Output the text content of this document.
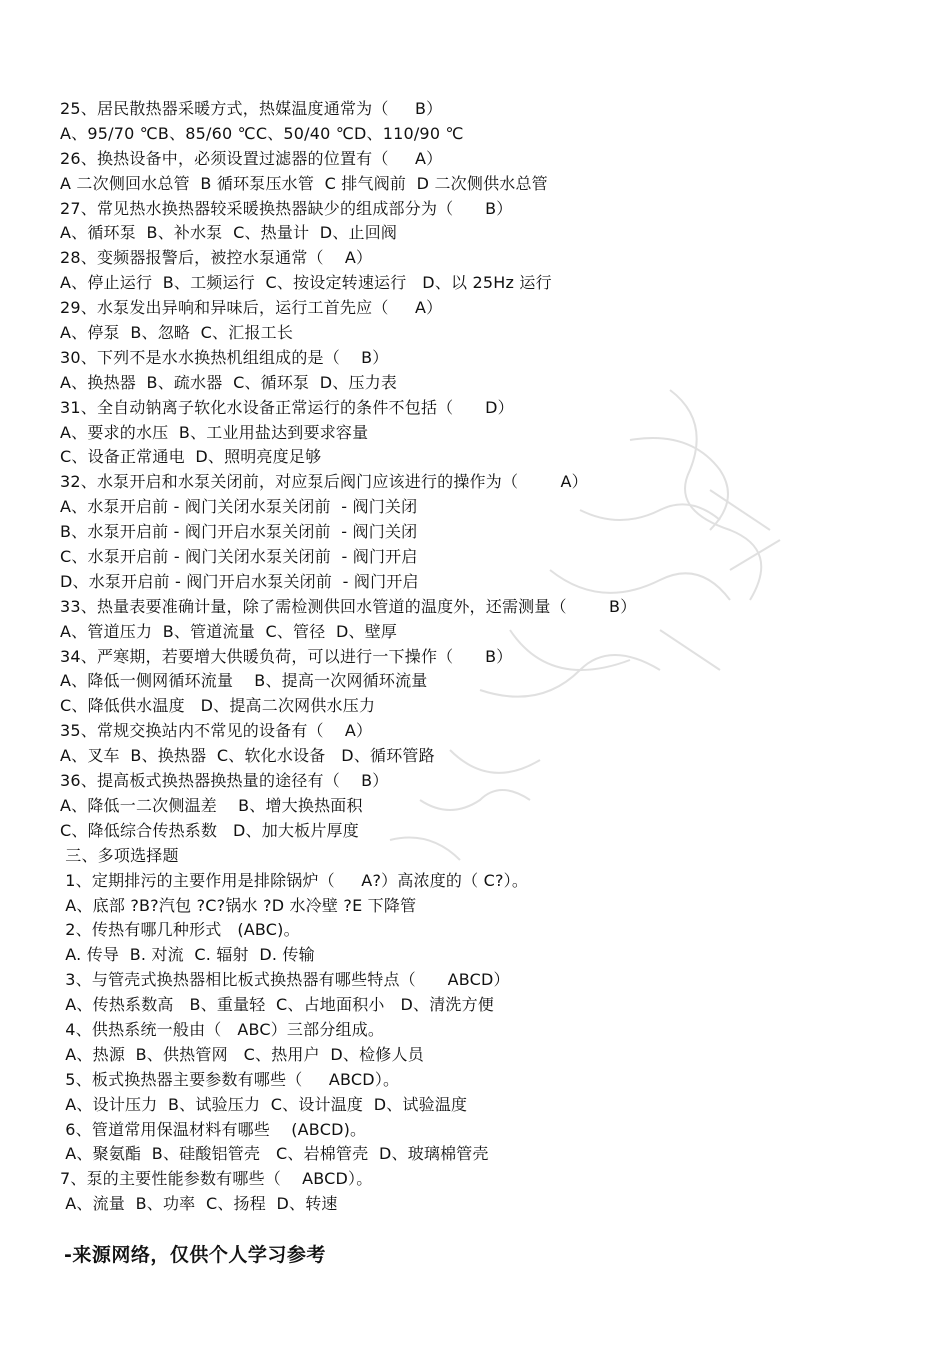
25、居民散热器采暖方式，热媒温度通常为（     B）
A、95/70 ℃B、85/60 ℃C、50/40 ℃D、110/90 ℃
26、换热设备中，必须设置过滤器的位置有（     A）
A 二次侧回水总管  B 循环泵压水管  C 排气阀前  D 二次侧供水总管
27、常见热水换热器较采暖换热器缺少的组成部分为（      B）
A、循环泵  B、补水泵  C、热量计  D、止回阀
28、变频器报警后，被控水泵通常（    A）
A、停止运行  B、工频运行  C、按设定转速运行   D、以 25Hz 运行
29、水泵发出异响和异味后，运行工首先应（     A）
A、停泵  B、忽略  C、汇报工长
30、下列不是水水换热机组组成的是（    B）
A、换热器  B、疏水器  C、循环泵  D、压力表
31、全自动钠离子软化水设备正常运行的条件不包括（      D）
A、要求的水压  B、工业用盐达到要求容量
C、设备正常通电  D、照明亮度足够
32、水泵开启和水泵关闭前，对应泵后阀门应该进行的操作为（        A）
A、水泵开启前 - 阀门关闭水泵关闭前  - 阀门关闭
B、水泵开启前 - 阀门开启水泵关闭前  - 阀门关闭
C、水泵开启前 - 阀门关闭水泵关闭前  - 阀门开启
D、水泵开启前 - 阀门开启水泵关闭前  - 阀门开启
33、热量表要准确计量，除了需检测供回水管道的温度外，还需测量（        B）
A、管道压力  B、管道流量  C、管径  D、壁厚
34、严寒期，若要增大供暖负荷，可以进行一下操作（      B）
A、降低一侧网循环流量    B、提高一次网循环流量
C、降低供水温度   D、提高二次网供水压力
35、常规交换站内不常见的设备有（    A）
A、叉车  B、换热器  C、软化水设备   D、循环管路
36、提高板式换热器换热量的途径有（    B）
A、降低一二次侧温差    B、增大换热面积
C、降低综合传热系数   D、加大板片厚度
三、多项选择题
1、定期排污的主要作用是排除锅炉（     A?）高浓度的（ C?）。
A、底部 ?B?汽包 ?C?锅水 ?D 水冷壁 ?E 下降管
2、传热有哪几种形式   (ABC)。
A. 传导  B. 对流  C. 辐射  D. 传输
3、与管壳式换热器相比板式换热器有哪些特点（      ABCD）
A、传热系数高   B、重量轻  C、占地面积小   D、清洗方便
4、供热系统一般由（   ABC）三部分组成。
A、热源  B、供热管网   C、热用户  D、检修人员
5、板式换热器主要参数有哪些（     ABCD）。
A、设计压力  B、试验压力  C、设计温度  D、试验温度
6、管道常用保温材料有哪些    (ABCD)。
A、聚氨酯  B、硅酸铝管壳   C、岩棉管壳  D、玻璃棉管壳
7、泵的主要性能参数有哪些（    ABCD）。
A、流量  B、功率  C、扬程  D、转速
-来源网络，仅供个人学习参考
